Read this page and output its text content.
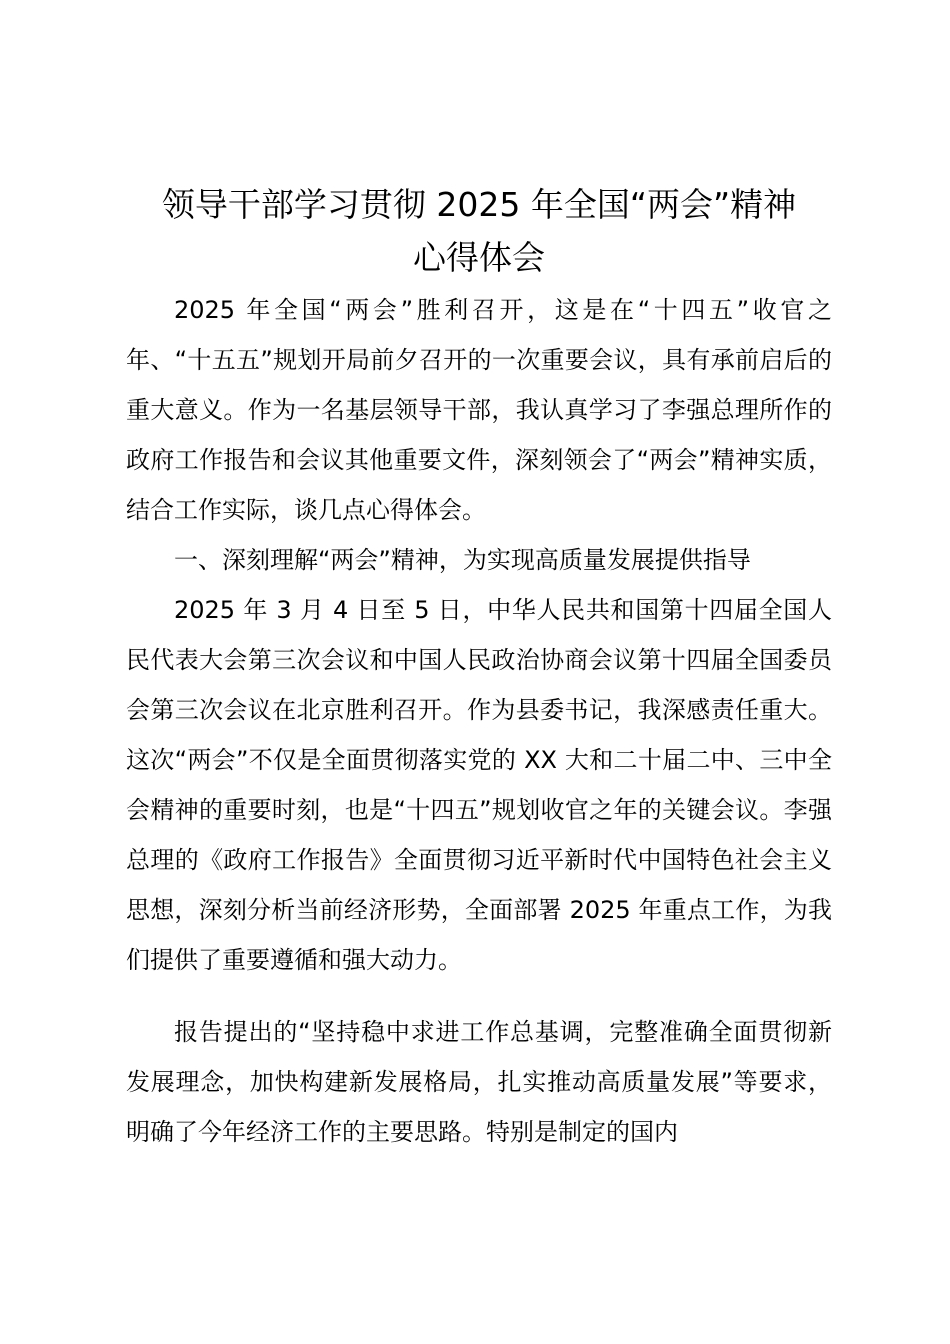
领导干部学习贯彻 2025 年全国“两会”精神
心得体会

2025 年全国“两会”胜利召开，这是在“十四五”收官之年、“十五五”规划开局前夕召开的一次重要会议，具有承前启后的重大意义。作为一名基层领导干部，我认真学习了李强总理所作的政府工作报告和会议其他重要文件，深刻领会了“两会”精神实质，结合工作实际，谈几点心得体会。

一、深刻理解“两会”精神，为实现高质量发展提供指导

2025 年 3 月 4 日至 5 日，中华人民共和国第十四届全国人民代表大会第三次会议和中国人民政治协商会议第十四届全国委员会第三次会议在北京胜利召开。作为县委书记，我深感责任重大。这次“两会”不仅是全面贯彻落实党的 XX 大和二十届二中、三中全会精神的重要时刻，也是“十四五”规划收官之年的关键会议。李强总理的《政府工作报告》全面贯彻习近平新时代中国特色社会主义思想，深刻分析当前经济形势，全面部署 2025 年重点工作，为我们提供了重要遵循和强大动力。

报告提出的“坚持稳中求进工作总基调，完整准确全面贯彻新发展理念，加快构建新发展格局，扎实推动高质量发展”等要求，明确了今年经济工作的主要思路。特别是制定的国内
